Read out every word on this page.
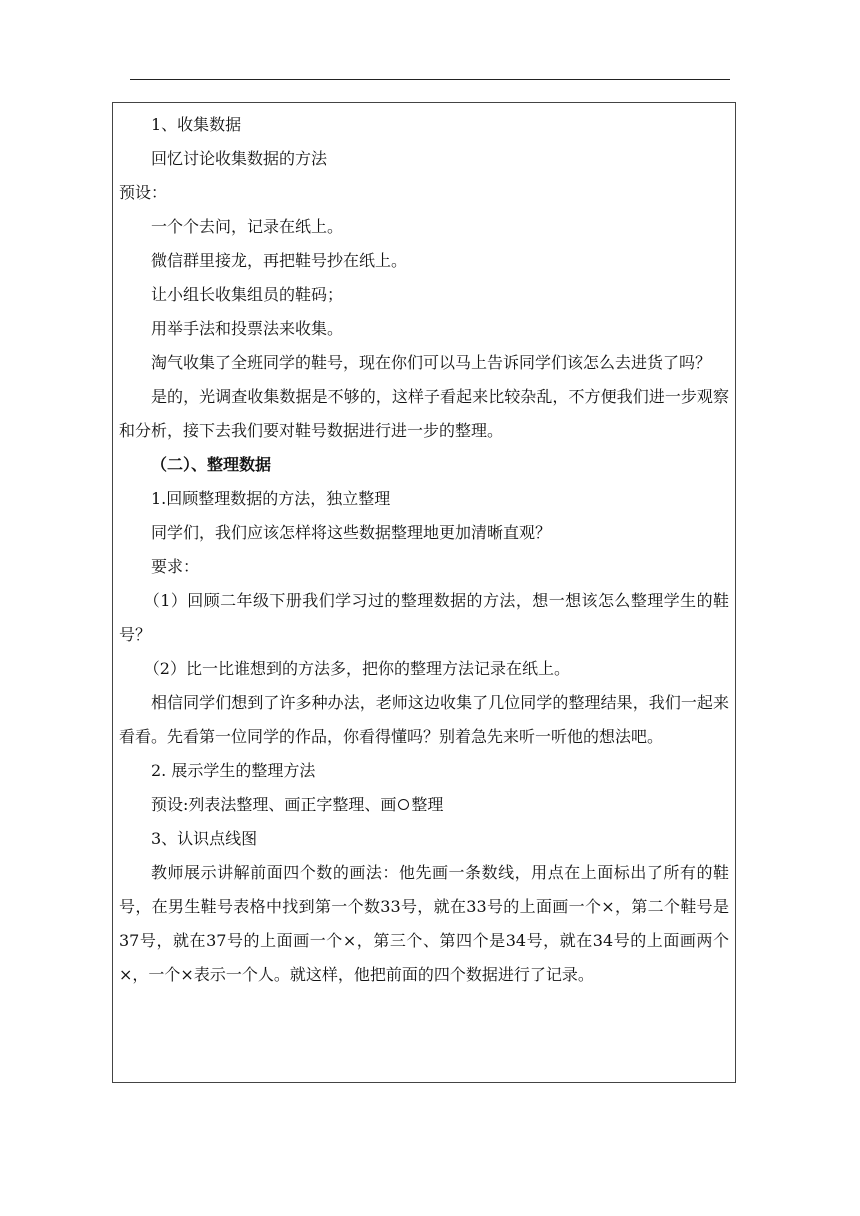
1、收集数据

回忆讨论收集数据的方法

预设：

一个个去问，记录在纸上。

微信群里接龙，再把鞋号抄在纸上。

让小组长收集组员的鞋码；

用举手法和投票法来收集。

淘气收集了全班同学的鞋号，现在你们可以马上告诉同学们该怎么去进货了吗？

是的，光调查收集数据是不够的，这样子看起来比较杂乱，不方便我们进一步观察和分析，接下去我们要对鞋号数据进行进一步的整理。

（二）、整理数据

1.回顾整理数据的方法，独立整理

同学们，我们应该怎样将这些数据整理地更加清晰直观？

要求：

（1）回顾二年级下册我们学习过的整理数据的方法，想一想该怎么整理学生的鞋号？

（2）比一比谁想到的方法多，把你的整理方法记录在纸上。

相信同学们想到了许多种办法，老师这边收集了几位同学的整理结果，我们一起来看看。先看第一位同学的作品，你看得懂吗？别着急先来听一听他的想法吧。

2. 展示学生的整理方法

预设:列表法整理、画正字整理、画 整理

3、认识点线图

教师展示讲解前面四个数的画法：他先画一条数线，用点在上面标出了所有的鞋号，在男生鞋号表格中找到第一个数33号，就在33号的上面画一个×，第二个鞋号是37号，就在37号的上面画一个×，第三个、第四个是34号，就在34号的上面画两个×，一个×表示一个人。就这样，他把前面的四个数据进行了记录。
